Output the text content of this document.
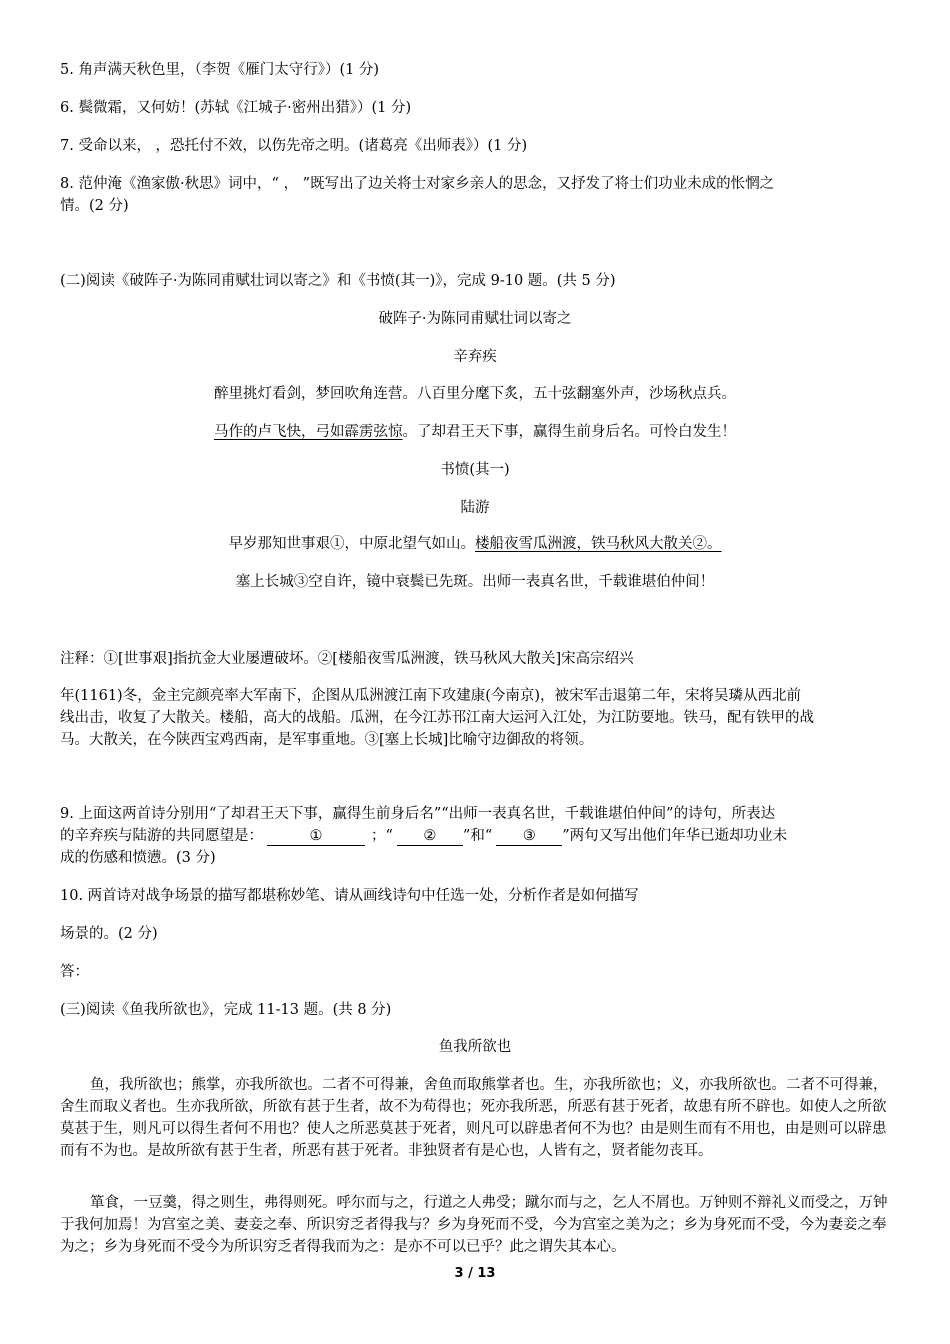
5. 角声满天秋色里，（李贺《雁门太守行》）(1 分)
6. 鬓微霜，又何妨！(苏轼《江城子·密州出猎》）(1 分)
7. 受命以来， ，恐托付不效，以伤先帝之明。(诸葛亮《出师表》）(1 分)
8. 范仲淹《渔家傲·秋思》词中，“ ， ”既写出了边关将士对家乡亲人的思念，又抒发了将士们功业未成的怅惘之
情。(2 分)
(二)阅读《破阵子·为陈同甫赋壮词以寄之》和《书愤(其一)》，完成 9-10 题。(共 5 分)
破阵子·为陈同甫赋壮词以寄之
辛弃疾
醉里挑灯看剑，梦回吹角连营。八百里分麾下炙，五十弦翻塞外声，沙场秋点兵。
马作的卢飞快，弓如霹雳弦惊。了却君王天下事，赢得生前身后名。可怜白发生！
书愤(其一)
陆游
早岁那知世事艰①，中原北望气如山。楼船夜雪瓜洲渡，铁马秋风大散关②。
塞上长城③空自许，镜中衰鬓已先斑。出师一表真名世，千载谁堪伯仲间！
注释：①[世事艰]指抗金大业屡遭破坏。②[楼船夜雪瓜洲渡，铁马秋风大散关]宋高宗绍兴
年(1161)冬，金主完颜亮率大军南下，企图从瓜洲渡江南下攻建康(今南京)，被宋军击退第二年，宋将吴璘从西北前
线出击，收复了大散关。楼船，高大的战船。瓜洲，在今江苏邗江南大运河入江处，为江防要地。铁马，配有铁甲的战
马。大散关，在今陕西宝鸡西南，是军事重地。③[塞上长城]比喻守边御敌的将领。
9. 上面这两首诗分别用“了却君王天下事，赢得生前身后名”“出师一表真名世，千载谁堪伯仲间”的诗句，所表达
的辛弃疾与陆游的共同愿望是：	①	；“ ② ”和“ ③ ”两句又写出他们年华已逝却功业未
成的伤感和愤懑。(3 分)
10. 两首诗对战争场景的描写都堪称妙笔、请从画线诗句中任选一处，分析作者是如何描写
场景的。(2 分)
答：
(三)阅读《鱼我所欲也》，完成 11-13 题。(共 8 分)
鱼我所欲也
鱼，我所欲也；熊掌，亦我所欲也。二者不可得兼，舍鱼而取熊掌者也。生，亦我所欲也；义，亦我所欲也。二者不可得兼，舍生而取义者也。生亦我所欲，所欲有甚于生者，故不为苟得也；死亦我所恶，所恶有甚于死者，故患有所不辟也。如使人之所欲莫甚于生，则凡可以得生者何不用也？使人之所恶莫甚于死者，则凡可以辟患者何不为也？由是则生而有不用也，由是则可以辟患而有不为也。是故所欲有甚于生者，所恶有甚于死者。非独贤者有是心也，人皆有之，贤者能勿丧耳。
箪食，一豆羹，得之则生，弗得则死。呼尔而与之，行道之人弗受；蹴尔而与之，乞人不屑也。万钟则不辩礼义而受之，万钟于我何加焉！为宫室之美、妻妾之奉、所识穷乏者得我与？乡为身死而不受，今为宫室之美为之；乡为身死而不受，今为妻妾之奉为之；乡为身死而不受今为所识穷乏者得我而为之：是亦不可以已乎？此之谓失其本心。
3 / 13
